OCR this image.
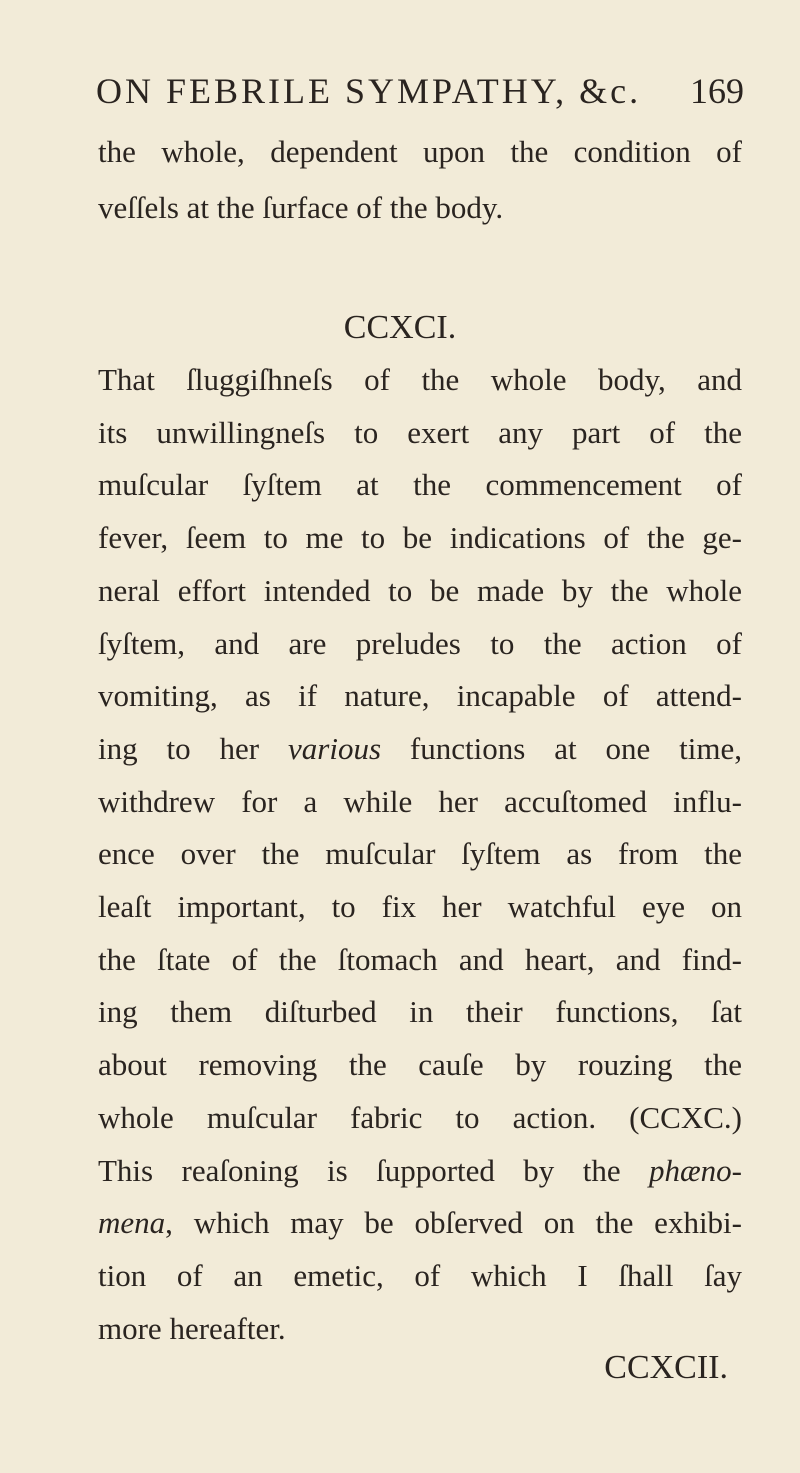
ON FEBRILE SYMPATHY, &c. 169
the whole, dependent upon the condition of
veſſels at the ſurface of the body.
CCXCI.
That ſluggiſhneſs of the whole body, and
its unwillingneſs to exert any part of the
muſcular ſyſtem at the commencement of
fever, ſeem to me to be indications of the ge-
neral effort intended to be made by the whole
ſyſtem, and are preludes to the action of
vomiting, as if nature, incapable of attend-
ing to her various functions at one time,
withdrew for a while her accuſtomed influ-
ence over the muſcular ſyſtem as from the
leaſt important, to fix her watchful eye on
the ſtate of the ſtomach and heart, and find-
ing them diſturbed in their functions, ſat
about removing the cauſe by rouzing the
whole muſcular fabric to action. (CCXC.)
This reaſoning is ſupported by the phæno-
mena, which may be obſerved on the exhibi-
tion of an emetic, of which I ſhall ſay
more hereafter.
CCXCII.
